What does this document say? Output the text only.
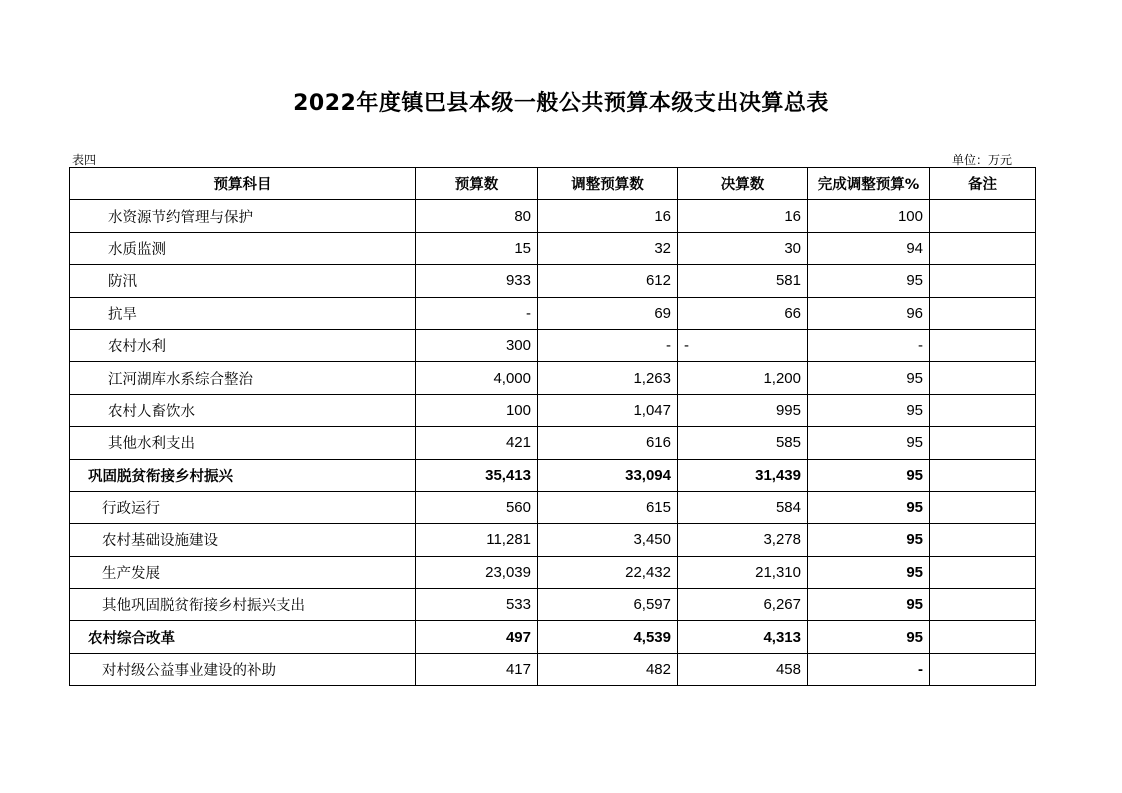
2022年度镇巴县本级一般公共预算本级支出决算总表
表四	单位：万元
预算科目	预算数	调整预算数	决算数	完成调整预算%	备注
水资源节约管理与保护	80	16	16	100	
水质监测	15	32	30	94	
防汛	933	612	581	95	
抗旱	-	69	66	96	
农村水利	300	-	-	-	
江河湖库水系综合整治	4,000	1,263	1,200	95	
农村人畜饮水	100	1,047	995	95	
其他水利支出	421	616	585	95	
巩固脱贫衔接乡村振兴	35,413	33,094	31,439	95	
行政运行	560	615	584	95	
农村基础设施建设	11,281	3,450	3,278	95	
生产发展	23,039	22,432	21,310	95	
其他巩固脱贫衔接乡村振兴支出	533	6,597	6,267	95	
农村综合改革	497	4,539	4,313	95	
对村级公益事业建设的补助	417	482	458	-	
